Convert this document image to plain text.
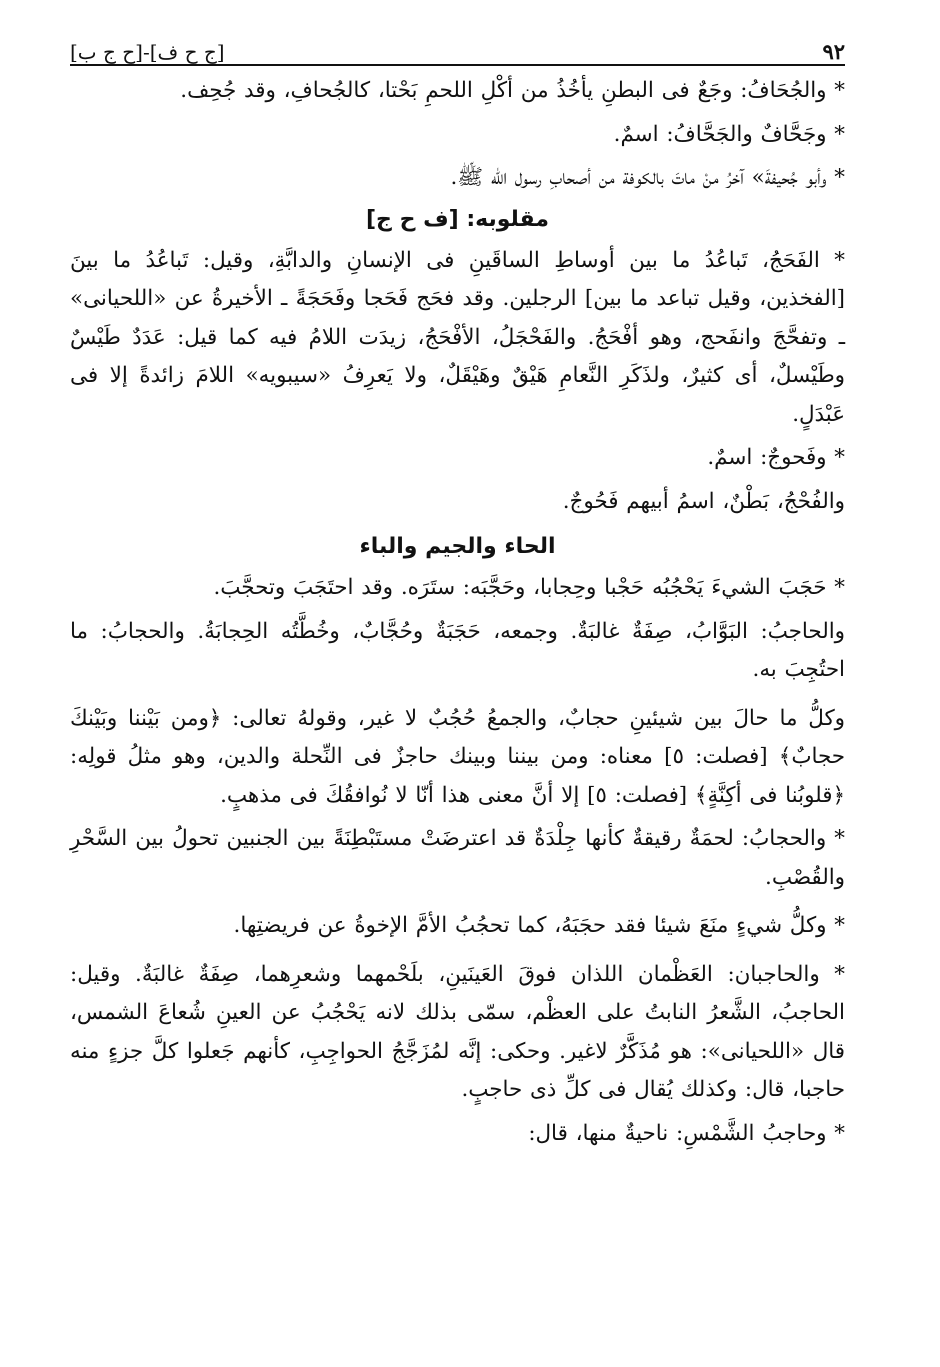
٩٢
[ج ح ف]-[ح ج ب]

* والجُحَافُ: وجَعٌ فى البطنِ يأخُذُ من أكْلِ اللحمِ بَحْتا، كالجُحافِ، وقد جُحِف.

* وجَحَّافٌ والجَحَّافُ: اسمٌ.

* وأبو جُحيفةَ» آخرُ منْ ماتَ بالكوفة من أصحابِ رسول الله ﷺ.

مقلوبه: [ف ح ج]

* الفَحَجُ، تَباعُدُ ما بين أوساطِ الساقَينِ فى الإنسانِ والدابَّةِ، وقيل: تَباعُدُ ما بينَ [الفخذين، وقيل تباعد ما بين] الرجلين. وقد فحَج فَحَجا وفَحَجَةً ـ الأخيرةُ عن «اللحيانى» ـ وتفحَّجَ وانفَحج، وهو أفْحَجُ. والفَحْجَلُ، الأفْحَجُ، زيدَت اللامُ فيه كما قيل: عَدَدٌ طَيْسٌ وطَيْسلٌ، أى كثيرٌ، ولذَكَرِ النَّعامِ هَيْقٌ وهَيْقَلٌ، ولا يَعرِفُ «سيبويه» اللامَ زائدةً إلا فى عَبْدَلٍ.

* وفَحوجٌ: اسمٌ.

والفُحْجُ، بَطْنٌ، اسمُ أبيهم فَحُوجٌ.

الحاء والجيم والباء

* حَجَبَ الشيءَ يَحْجُبُه حَجْبا وحِجابا، وحَجَّبَه: ستَرَه. وقد احتَجَبَ وتحجَّبَ.

والحاجبُ: البَوَّابُ، صِفَةٌ غالبَةٌ. وجمعه، حَجَبَةٌ وحُجَّابٌ، وخُطَّتُه الحِجابَةُ. والحجابُ: ما احتُجِبَ به.

وكلُّ ما حالَ بين شيئينِ حجابٌ، والجمعُ حُجُبٌ لا غير، وقولهُ تعالى: ﴿ومن بَيْننا وبَيْنكَ حجابٌ﴾ [فصلت: ٥] معناه: ومن بيننا وبينك حاجزٌ فى النِّحلة والدين، وهو مثلُ قولِه: ﴿قلوبُنا فى أكِنَّةٍ﴾ [فصلت: ٥] إلا أنَّ معنى هذا أنّا لا نُوافقُكَ فى مذهبٍ.

* والحجابُ: لحمَةٌ رقيقةٌ كأنها جِلْدَةٌ قد اعترضَتْ مستَبْطِنَةً بين الجنبين تحولُ بين السَّحْرِ والقُصْبِ.

* وكلُّ شيءٍ منَعَ شيئا فقد حجَبَهُ، كما تحجُبُ الأمَّ الإخوةُ عن فريضتِها.

* والحاجبان: العَظْمان اللذان فوقَ العَينَينِ، بلَحْمهما وشعرِهما، صِفَةٌ غالبَةٌ. وقيل: الحاجبُ، الشَّعرُ النابتُ على العظْم، سمّى بذلك لانه يَحْجُبُ عن العينِ شُعاعَ الشمس، قال «اللحيانى»: هو مُذَكَّرٌ لاغير. وحكى: إنَّه لمُزَجَّجُ الحواجِبِ، كأنهم جَعلوا كلَّ جزءٍ منه حاجبا، قال: وكذلك يُقال فى كلِّ ذى حاجبٍ.

* وحاجبُ الشَّمْسِ: ناحيةٌ منها، قال:
